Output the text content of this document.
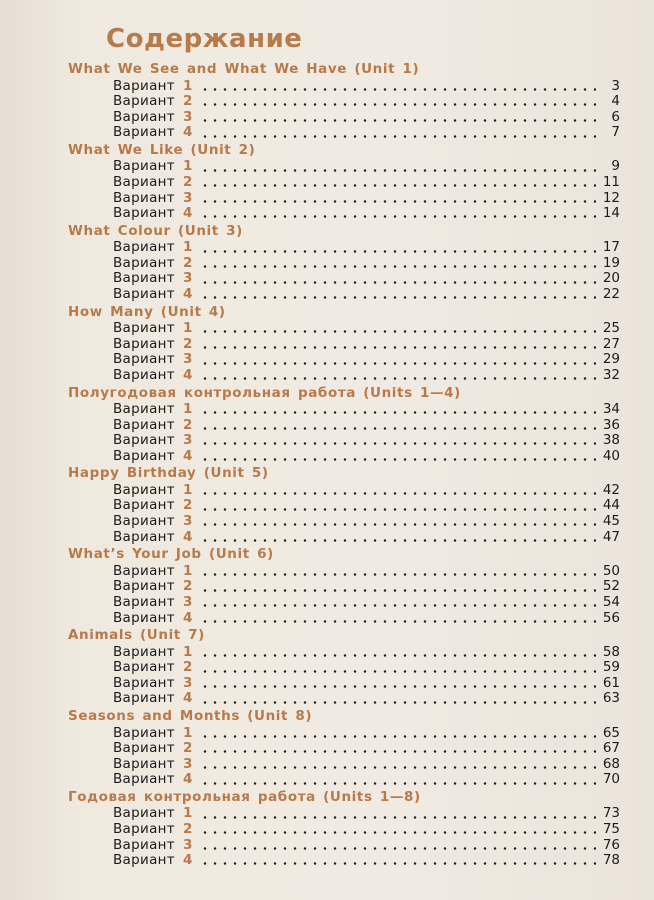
Содержание
What We See and What We Have (Unit 1)
Вариант 1	3
Вариант 2	4
Вариант 3	6
Вариант 4	7
What We Like (Unit 2)
Вариант 1	9
Вариант 2	11
Вариант 3	12
Вариант 4	14
What Colour (Unit 3)
Вариант 1	17
Вариант 2	19
Вариант 3	20
Вариант 4	22
How Many (Unit 4)
Вариант 1	25
Вариант 2	27
Вариант 3	29
Вариант 4	32
Полугодовая контрольная работа (Units 1—4)
Вариант 1	34
Вариант 2	36
Вариант 3	38
Вариант 4	40
Happy Birthday (Unit 5)
Вариант 1	42
Вариант 2	44
Вариант 3	45
Вариант 4	47
What’s Your Job (Unit 6)
Вариант 1	50
Вариант 2	52
Вариант 3	54
Вариант 4	56
Animals (Unit 7)
Вариант 1	58
Вариант 2	59
Вариант 3	61
Вариант 4	63
Seasons and Months (Unit 8)
Вариант 1	65
Вариант 2	67
Вариант 3	68
Вариант 4	70
Годовая контрольная работа (Units 1—8)
Вариант 1	73
Вариант 2	75
Вариант 3	76
Вариант 4	78
